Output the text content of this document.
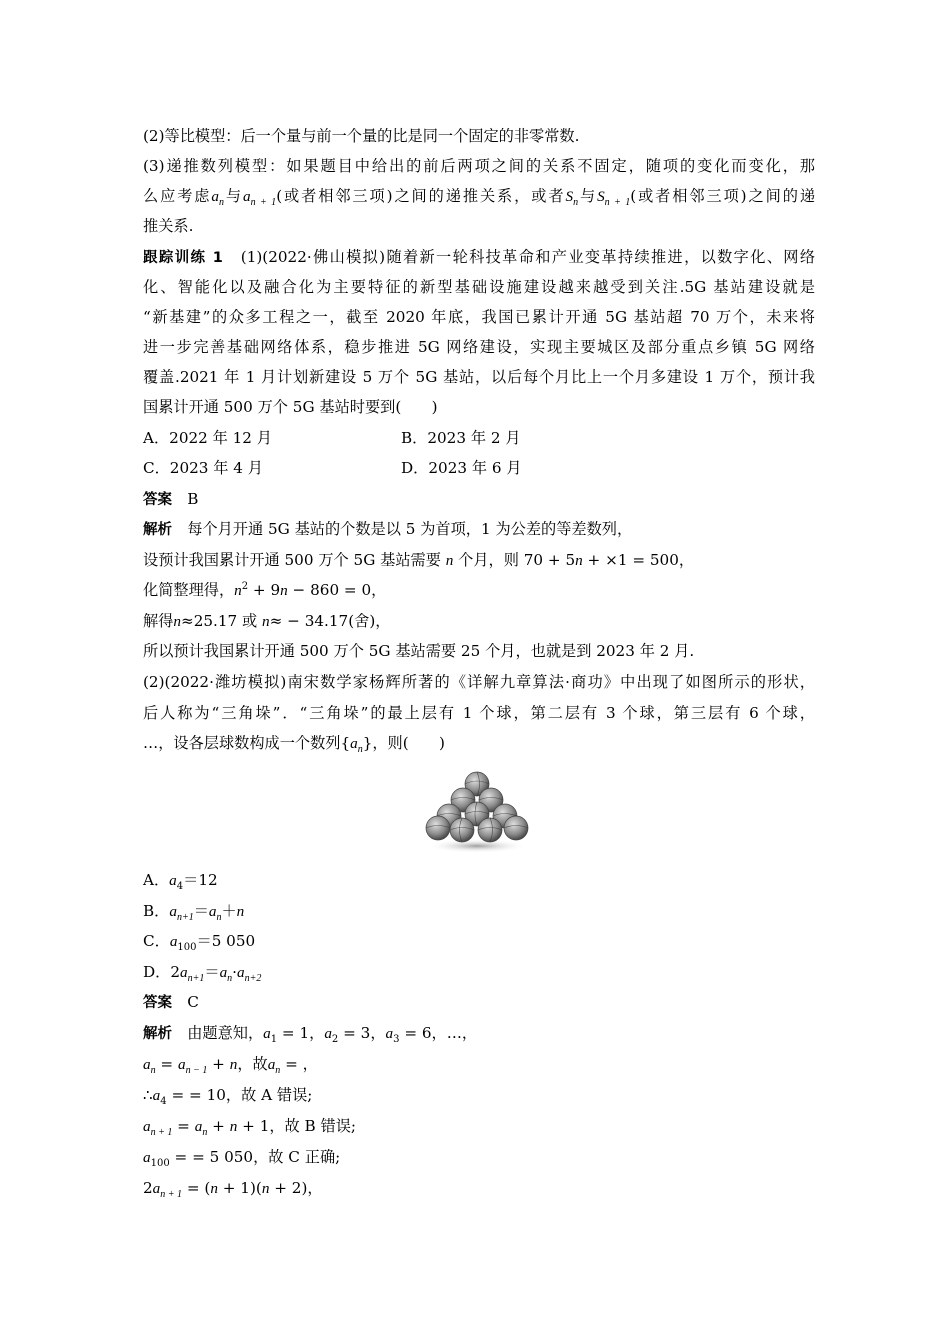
(2)等比模型：后一个量与前一个量的比是同一个固定的非零常数.
(3)递推数列模型：如果题目中给出的前后两项之间的关系不固定，随项的变化而变化，那
么应考虑$a_n$与$a_{n + 1}$(或者相邻三项)之间的递推关系，或者$S_n$与$S_{n + 1}$(或者相邻三项)之间的递
推关系.
跟踪训练 1　 (1)(2022·佛山模拟)随着新一轮科技革命和产业变革持续推进，以数字化、网络
化、智能化以及融合化为主要特征的新型基础设施建设越来越受到关注.5G 基站建设就是
“新基建”的众多工程之一，截至 2020 年底，我国已累计开通 5G 基站超 70 万个，未来将
进一步完善基础网络体系，稳步推进 5G 网络建设，实现主要城区及部分重点乡镇 5G 网络
覆盖.2021 年 1 月计划新建设 5 万个 5G 基站，以后每个月比上一个月多建设 1 万个，预计我
国累计开通 500 万个 5G 基站时要到(　　)
A．2022 年 12 月	B．2023 年 2 月
C．2023 年 4 月	D．2023 年 6 月
答案　 B
解析　 每个月开通 5G 基站的个数是以 5 为首项，1 为公差的等差数列，
设预计我国累计开通 500 万个 5G 基站需要 n 个月，则 70 + 5n + ×1 = 500，
化简整理得，$n^2 + 9n - 860 = 0$，
解得n≈25.17 或 n≈ − 34.17(舍)，
所以预计我国累计开通 500 万个 5G 基站需要 25 个月，也就是到 2023 年 2 月.
(2)(2022·潍坊模拟)南宋数学家杨辉所著的《详解九章算法·商功》中出现了如图所示的形状，
后人称为“三角垛”．“三角垛”的最上层有 1 个球，第二层有 3 个球，第三层有 6 个球，
…，设各层球数构成一个数列$\{a_n\}$，则(　　)
A．$a_4=12$
B．$a_{n+1}=a_n+n$
C．$a_{100}=5$ 050
D．$2a_{n+1}=a_n\cdot a_{n+2}$
答案　 C
解析　 由题意知，$a_1 = 1$，$a_2 = 3$，$a_3 = 6$，…，
$a_n = a_{n - 1} + n$，故$a_n$ = ，
$\therefore a_4$ = = 10，故 A 错误;
$a_{n + 1} = a_n + n + 1$，故 B 错误;
$a_{100}$ = = 5 050，故 C 正确;
$2a_{n + 1} = (n + 1)(n + 2)$，
